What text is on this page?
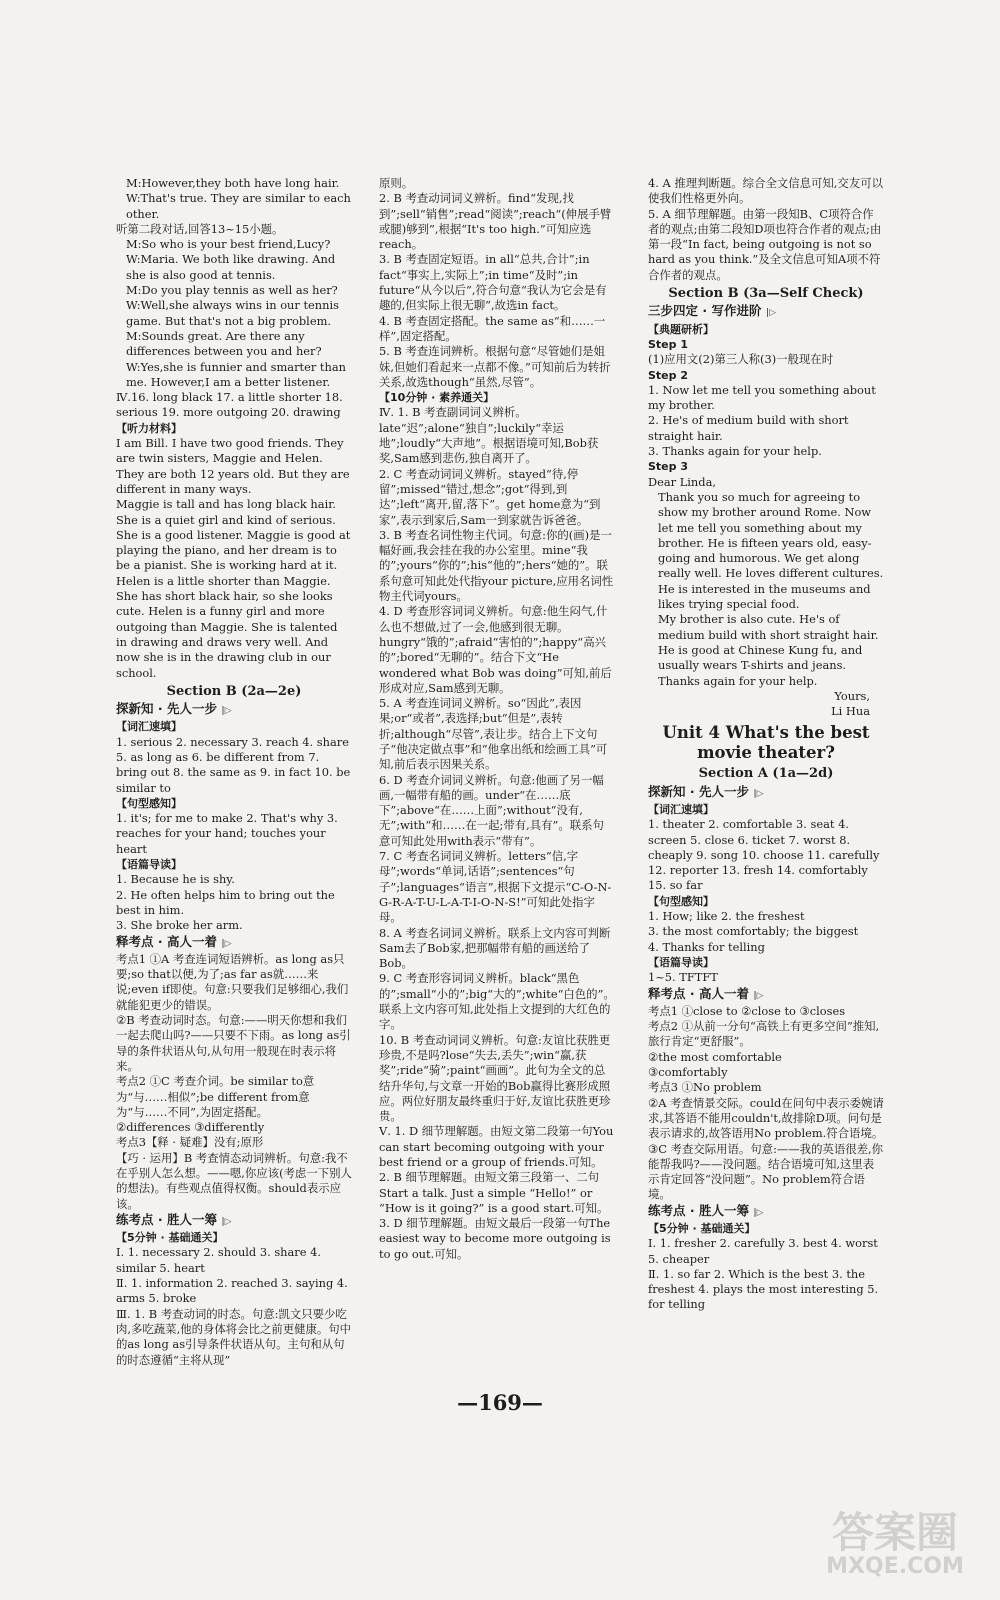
M:However,they both have long hair.

W:That's true. They are similar to each other.

听第二段对话,回答13~15小题。

M:So who is your best friend,Lucy?

W:Maria. We both like drawing. And she is also good at tennis.

M:Do you play tennis as well as her?

W:Well,she always wins in our tennis game. But that's not a big problem.

M:Sounds great. Are there any differences between you and her?

W:Yes,she is funnier and smarter than me. However,I am a better listener.

Ⅳ.16. long black 17. a little shorter 18. serious 19. more outgoing 20. drawing

【听力材料】

I am Bill. I have two good friends. They are twin sisters, Maggie and Helen. They are both 12 years old. But they are different in many ways.

Maggie is tall and has long black hair. She is a quiet girl and kind of serious. She is a good listener. Maggie is good at playing the piano, and her dream is to be a pianist. She is working hard at it.

Helen is a little shorter than Maggie. She has short black hair, so she looks cute. Helen is a funny girl and more outgoing than Maggie. She is talented in drawing and draws very well. And now she is in the drawing club in our school.

Section B (2a—2e)

探新知 · 先人一步 |▷

【词汇速填】

1. serious 2. necessary 3. reach 4. share 5. as long as 6. be different from 7. bring out 8. the same as 9. in fact 10. be similar to

【句型感知】

1. it's; for me to make 2. That's why 3. reaches for your hand; touches your heart

【语篇导读】

1. Because he is shy.

2. He often helps him to bring out the best in him.

3. She broke her arm.

释考点 · 高人一着 |▷

考点1 ①A 考查连词短语辨析。as long as只要;so that以便,为了;as far as就……来说;even if即使。句意:只要我们足够细心,我们就能犯更少的错误。

②B 考查动词时态。句意:——明天你想和我们一起去爬山吗?——只要不下雨。as long as引导的条件状语从句,从句用一般现在时表示将来。

考点2 ①C 考查介词。be similar to意为“与……相似”;be different from意为“与……不同”,为固定搭配。

②differences ③differently

考点3【释 · 疑难】没有;原形

【巧 · 运用】B 考查情态动词辨析。句意:我不在乎别人怎么想。——嗯,你应该(考虑一下别人的想法)。有些观点值得权衡。should表示应该。

练考点 · 胜人一筹 |▷

【5分钟 · 基础通关】

Ⅰ. 1. necessary 2. should 3. share 4. similar 5. heart

Ⅱ. 1. information 2. reached 3. saying 4. arms 5. broke

Ⅲ. 1. B 考查动词的时态。句意:凯文只要少吃肉,多吃蔬菜,他的身体将会比之前更健康。句中的as long as引导条件状语从句。主句和从句的时态遵循“主将从现”

原则。

2. B 考查动词词义辨析。find“发现,找到”;sell“销售”;read“阅读”;reach“(伸展手臂或腿)够到”,根据“It's too high.”可知应选reach。

3. B 考查固定短语。in all“总共,合计”;in fact“事实上,实际上”;in time“及时”;in future“从今以后”,符合句意“我认为它会是有趣的,但实际上很无聊”,故选in fact。

4. B 考查固定搭配。the same as“和……一样”,固定搭配。

5. B 考查连词辨析。根据句意“尽管她们是姐妹,但她们看起来一点都不像。”可知前后为转折关系,故选though“虽然,尽管”。

【10分钟 · 素养通关】

Ⅳ. 1. B 考查副词词义辨析。late“迟”;alone“独自”;luckily“幸运地”;loudly“大声地”。根据语境可知,Bob获奖,Sam感到悲伤,独自离开了。

2. C 考查动词词义辨析。stayed“待,停留”;missed“错过,想念”;got“得到,到达”;left“离开,留,落下”。get home意为“到家”,表示到家后,Sam一到家就告诉爸爸。

3. B 考查名词性物主代词。句意:你的(画)是一幅好画,我会挂在我的办公室里。mine“我的”;yours“你的”;his“他的”;hers“她的”。联系句意可知此处代指your picture,应用名词性物主代词yours。

4. D 考查形容词词义辨析。句意:他生闷气,什么也不想做,过了一会,他感到很无聊。hungry“饿的”;afraid“害怕的”;happy“高兴的”;bored“无聊的”。结合下文“He wondered what Bob was doing”可知,前后形成对应,Sam感到无聊。

5. A 考查连词词义辨析。so“因此”,表因果;or“或者”,表选择;but“但是”,表转折;although“尽管”,表让步。结合上下文句子“他决定做点事”和“他拿出纸和绘画工具”可知,前后表示因果关系。

6. D 考查介词词义辨析。句意:他画了另一幅画,一幅带有船的画。under“在……底下”;above“在……上面”;without“没有,无”;with“和……在一起;带有,具有”。联系句意可知此处用with表示“带有”。

7. C 考查名词词义辨析。letters“信,字母”;words“单词,话语”;sentences“句子”;languages“语言”,根据下文提示“C-O-N-G-R-A-T-U-L-A-T-I-O-N-S!”可知此处指字母。

8. A 考查名词词义辨析。联系上文内容可判断Sam去了Bob家,把那幅带有船的画送给了Bob。

9. C 考查形容词词义辨析。black“黑色的”;small“小的”;big“大的”;white“白色的”。联系上文内容可知,此处指上文提到的大红色的字。

10. B 考查动词词义辨析。句意:友谊比获胜更珍贵,不是吗?lose“失去,丢失”;win“赢,获奖”;ride“骑”;paint“画画”。此句为全文的总结升华句,与文章一开始的Bob赢得比赛形成照应。两位好朋友最终重归于好,友谊比获胜更珍贵。

Ⅴ. 1. D 细节理解题。由短文第二段第一句You can start becoming outgoing with your best friend or a group of friends.可知。

2. B 细节理解题。由短文第三段第一、二句Start a talk. Just a simple “Hello!” or “How is it going?” is a good start.可知。

3. D 细节理解题。由短文最后一段第一句The easiest way to become more outgoing is to go out.可知。

4. A 推理判断题。综合全文信息可知,交友可以使我们性格更外向。

5. A 细节理解题。由第一段知B、C项符合作者的观点;由第二段知D项也符合作者的观点;由第一段“In fact, being outgoing is not so hard as you think.”及全文信息可知A项不符合作者的观点。

Section B (3a—Self Check)

三步四定 · 写作进阶 |▷

【典题研析】

Step 1

(1)应用文(2)第三人称(3)一般现在时

Step 2

1. Now let me tell you something about my brother.

2. He's of medium build with short straight hair.

3. Thanks again for your help.

Step 3

Dear Linda,

Thank you so much for agreeing to show my brother around Rome. Now let me tell you something about my brother. He is fifteen years old, easy-going and humorous. We get along really well. He loves different cultures. He is interested in the museums and likes trying special food.

My brother is also cute. He's of medium build with short straight hair. He is good at Chinese Kung fu, and usually wears T-shirts and jeans.

Thanks again for your help.

Yours,

Li Hua

Unit 4 What's the best movie theater?
Section A (1a—2d)

探新知 · 先人一步 |▷

【词汇速填】

1. theater 2. comfortable 3. seat 4. screen 5. close 6. ticket 7. worst 8. cheaply 9. song 10. choose 11. carefully 12. reporter 13. fresh 14. comfortably 15. so far

【句型感知】

1. How; like 2. the freshest

3. the most comfortably; the biggest

4. Thanks for telling

【语篇导读】

1~5. TFTFT

释考点 · 高人一着 |▷

考点1 ①close to ②close to ③closes

考点2 ①从前一分句“高铁上有更多空间”推知,旅行肯定“更舒服”。

②the most comfortable

③comfortably

考点3 ①No problem

②A 考查情景交际。could在问句中表示委婉请求,其答语不能用couldn't,故排除D项。问句是表示请求的,故答语用No problem.符合语境。

③C 考查交际用语。句意:——我的英语很差,你能帮我吗?——没问题。结合语境可知,这里表示肯定回答“没问题”。No problem符合语境。

练考点 · 胜人一筹 |▷

【5分钟 · 基础通关】

Ⅰ. 1. fresher 2. carefully 3. best 4. worst 5. cheaper

Ⅱ. 1. so far 2. Which is the best 3. the freshest 4. plays the most interesting 5. for telling

—169—
答案圈
MXQE.COM
